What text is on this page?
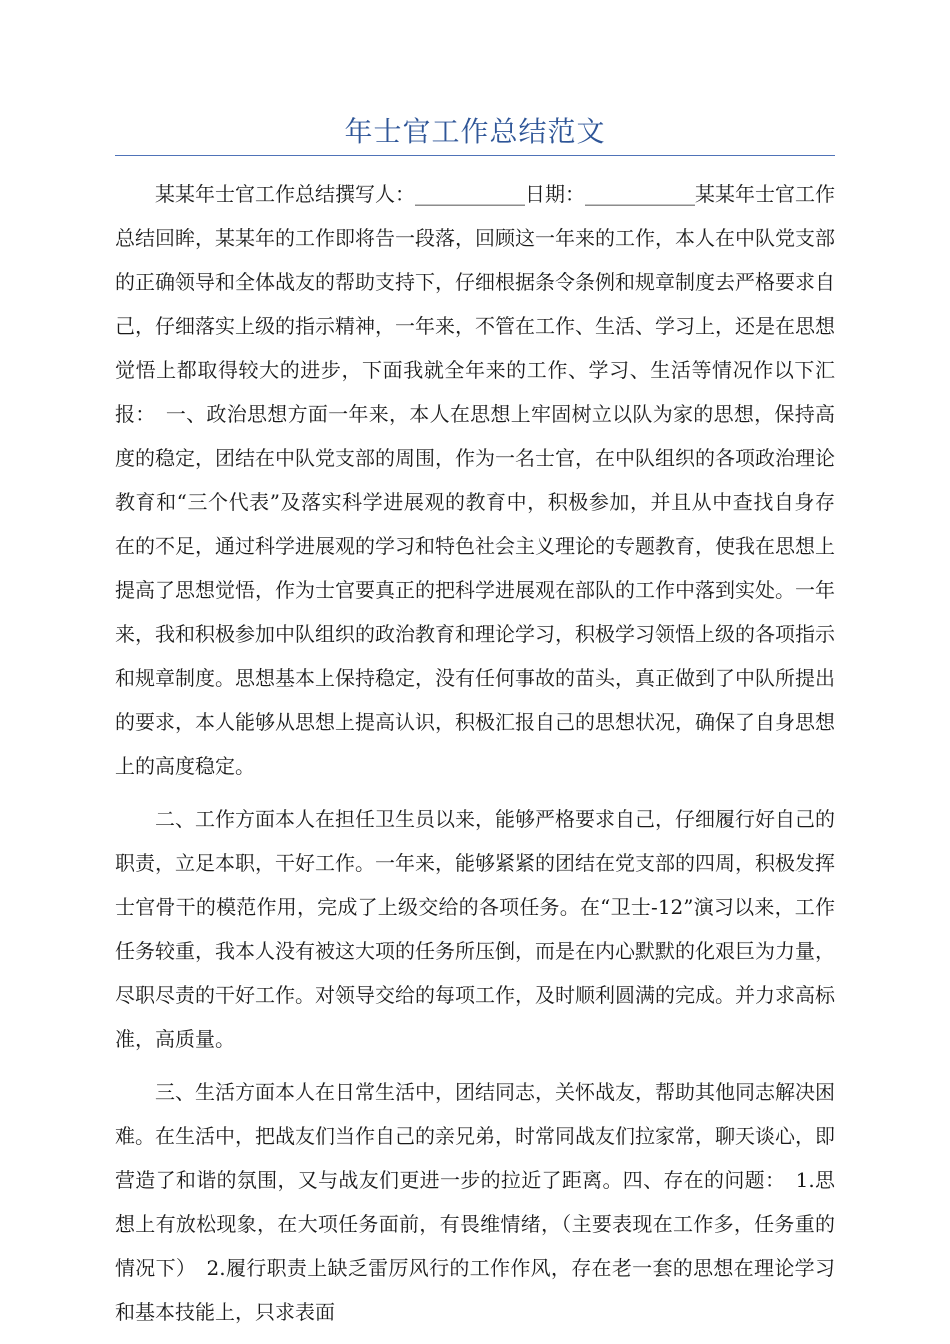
年士官工作总结范文

某某年士官工作总结撰写人：___________日期：___________某某年士官工作总结回眸，某某年的工作即将告一段落，回顾这一年来的工作，本人在中队党支部的正确领导和全体战友的帮助支持下，仔细根据条令条例和规章制度去严格要求自己，仔细落实上级的指示精神，一年来，不管在工作、生活、学习上，还是在思想觉悟上都取得较大的进步，下面我就全年来的工作、学习、生活等情况作以下汇报：　一、政治思想方面一年来，本人在思想上牢固树立以队为家的思想，保持高度的稳定，团结在中队党支部的周围，作为一名士官，在中队组织的各项政治理论教育和“三个代表”及落实科学进展观的教育中，积极参加，并且从中查找自身存在的不足，通过科学进展观的学习和特色社会主义理论的专题教育，使我在思想上提高了思想觉悟，作为士官要真正的把科学进展观在部队的工作中落到实处。一年来，我和积极参加中队组织的政治教育和理论学习，积极学习领悟上级的各项指示和规章制度。思想基本上保持稳定，没有任何事故的苗头，真正做到了中队所提出的要求，本人能够从思想上提高认识，积极汇报自己的思想状况，确保了自身思想上的高度稳定。

二、工作方面本人在担任卫生员以来，能够严格要求自己，仔细履行好自己的职责，立足本职，干好工作。一年来，能够紧紧的团结在党支部的四周，积极发挥士官骨干的模范作用，完成了上级交给的各项任务。在“卫士-12”演习以来，工作任务较重，我本人没有被这大项的任务所压倒，而是在内心默默的化艰巨为力量，尽职尽责的干好工作。对领导交给的每项工作，及时顺利圆满的完成。并力求高标准，高质量。

三、生活方面本人在日常生活中，团结同志，关怀战友，帮助其他同志解决困难。在生活中，把战友们当作自己的亲兄弟，时常同战友们拉家常，聊天谈心，即营造了和谐的氛围，又与战友们更进一步的拉近了距离。四、存在的问题：　1.思想上有放松现象，在大项任务面前，有畏维情绪，（主要表现在工作多，任务重的情况下）　2.履行职责上缺乏雷厉风行的工作作风，存在老一套的思想在理论学习和基本技能上，只求表面
